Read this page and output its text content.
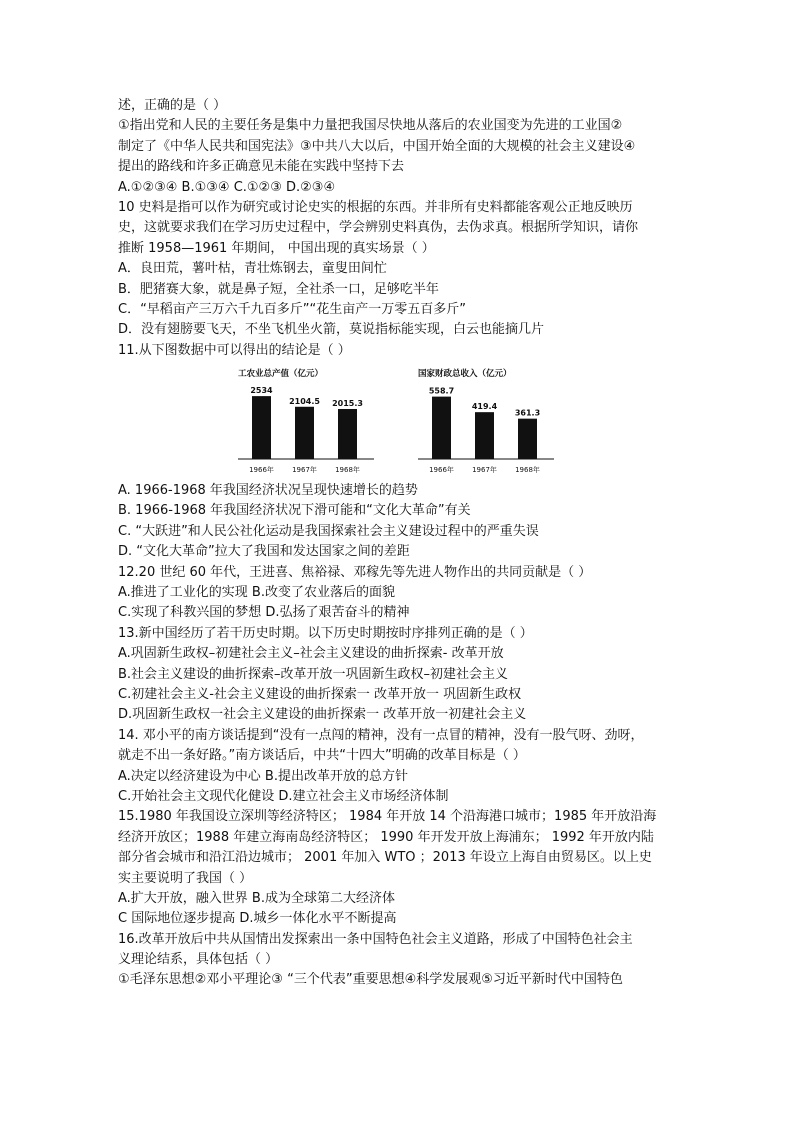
述，正确的是（ ）
①指出党和人民的主要任务是集中力量把我国尽快地从落后的农业国变为先进的工业国②
制定了《中华人民共和国宪法》③中共八大以后，中国开始全面的大规模的社会主义建设④
提出的路线和许多正确意见未能在实践中坚持下去
A.①②③④ B.①③④ C.①②③ D.②③④
10 史料是指可以作为研究或讨论史实的根据的东西。并非所有史料都能客观公正地反映历
史，这就要求我们在学习历史过程中，学会辨别史料真伪，去伪求真。根据所学知识，请你
推断 1958—1961 年期间， 中国出现的真实场景（ ）
A．良田荒，薯叶枯，青壮炼钢去，童叟田间忙
B．肥猪赛大象，就是鼻子短，全社杀一口，足够吃半年
C．“早稻亩产三万六千九百多斤”“花生亩产一万零五百多斤”
D．没有翅膀要飞天，不坐飞机坐火箭，莫说指标能实现，白云也能摘几片
11.从下图数据中可以得出的结论是（ ）
工农业总产值（亿元）
2534
1966年
2104.5
1967年
2015.3
1968年
国家财政总收入（亿元）
558.7
1966年
419.4
1967年
361.3
1968年
A. 1966-1968 年我国经济状况呈现快速增长的趋势
B. 1966-1968 年我国经济状况下滑可能和“文化大革命”有关
C. “大跃进”和人民公社化运动是我国探索社会主义建设过程中的严重失误
D. “文化大革命”拉大了我国和发达国家之间的差距
12.20 世纪 60 年代，王进喜、焦裕禄、邓稼先等先进人物作出的共同贡献是（ ）
A.推进了工业化的实现 B.改变了农业落后的面貌
C.实现了科教兴国的梦想 D.弘扬了艰苦奋斗的精神
13.新中国经历了若干历史时期。以下历史时期按时序排列正确的是（ ）
A.巩固新生政权–初建社会主义–社会主义建设的曲折探索- 改革开放
B.社会主义建设的曲折探索–改革开放一巩固新生政权–初建社会主义
C.初建社会主义-社会主义建设的曲折探索一 改革开放一 巩固新生政权
D.巩固新生政权一社会主义建设的曲折探索一 改革开放一初建社会主义
14. 邓小平的南方谈话提到“没有一点闯的精神，没有一点冒的精神，没有一股气呀、劲呀，
就走不出一条好路。”南方谈话后，中共“十四大”明确的改革目标是（ ）
A.决定以经济建设为中心 B.提出改革开放的总方针
C.开始社会主文现代化健设 D.建立社会主义市场经济体制
15.1980 年我国设立深圳等经济特区； 1984 年开放 14 个沿海港口城市；1985 年开放沿海
经济开放区；1988 年建立海南岛经济特区； 1990 年开发开放上海浦东； 1992 年开放内陆
部分省会城市和沿江沿边城市； 2001 年加入 WTO ；2013 年设立上海自由贸易区。以上史
实主要说明了我国（ ）
A.扩大开放，融入世界 B.成为全球第二大经济体
C 国际地位逐步提高 D.城乡一体化水平不断提高
16.改革开放后中共从国情出发探索出一条中国特色社会主义道路，形成了中国特色社会主
义理论结系，具体包括（ ）
①毛泽东思想②邓小平理论③ “三个代表”重要思想④科学发展观⑤习近平新时代中国特色
